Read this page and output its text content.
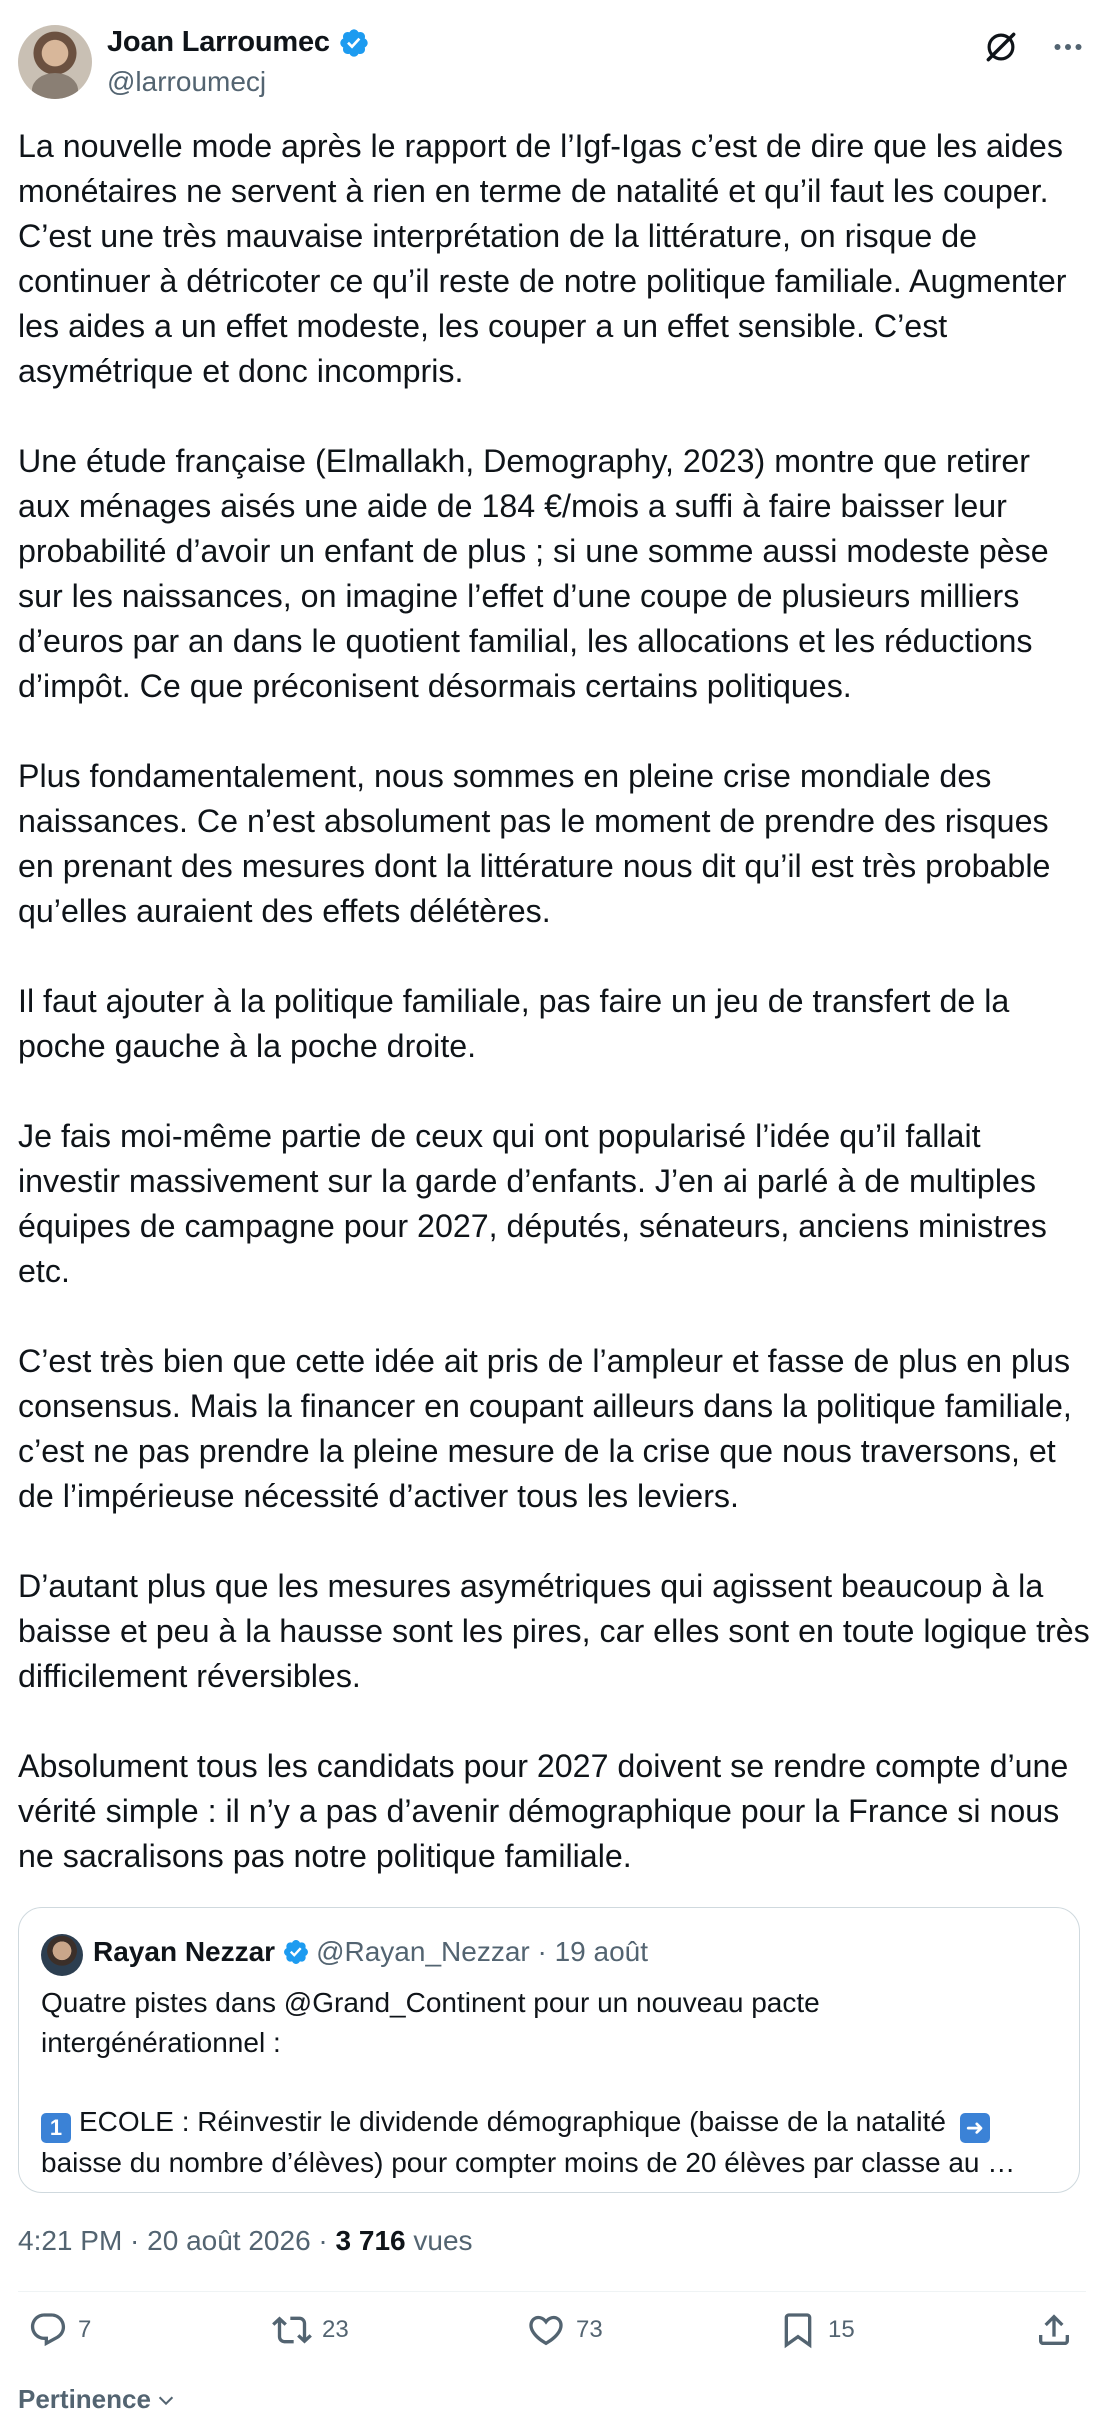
Joan Larroumec
@larroumecj
La nouvelle mode après le rapport de l’Igf-Igas c’est de dire que les aides monétaires ne servent à rien en terme de natalité et qu’il faut les couper. C’est une très mauvaise interprétation de la littérature, on risque de continuer à détricoter ce qu’il reste de notre politique familiale. Augmenter les aides a un effet modeste, les couper a un effet sensible. C’est asymétrique et donc incompris.

Une étude française (Elmallakh, Demography, 2023) montre que retirer aux ménages aisés une aide de 184 €/mois a suffi à faire baisser leur probabilité d’avoir un enfant de plus ; si une somme aussi modeste pèse sur les naissances, on imagine l’effet d’une coupe de plusieurs milliers d’euros par an dans le quotient familial, les allocations et les réductions d’impôt. Ce que préconisent désormais certains politiques.

Plus fondamentalement, nous sommes en pleine crise mondiale des naissances. Ce n’est absolument pas le moment de prendre des risques en prenant des mesures dont la littérature nous dit qu’il est très probable qu’elles auraient des effets délétères.

Il faut ajouter à la politique familiale, pas faire un jeu de transfert de la poche gauche à la poche droite.

Je fais moi-même partie de ceux qui ont popularisé l’idée qu’il fallait investir massivement sur la garde d’enfants. J’en ai parlé à de multiples équipes de campagne pour 2027, députés, sénateurs, anciens ministres etc.

C’est très bien que cette idée ait pris de l’ampleur et fasse de plus en plus consensus. Mais la financer en coupant ailleurs dans la politique familiale, c’est ne pas prendre la pleine mesure de la crise que nous traversons, et de l’impérieuse nécessité d’activer tous les leviers.

D’autant plus que les mesures asymétriques qui agissent beaucoup à la baisse et peu à la hausse sont les pires, car elles sont en toute logique très difficilement réversibles.

Absolument tous les candidats pour 2027 doivent se rendre compte d’une vérité simple : il n’y a pas d’avenir démographique pour la France si nous ne sacralisons pas notre politique familiale.
Rayan Nezzar @Rayan_Nezzar · 19 août
Quatre pistes dans @Grand_Continent pour un nouveau pacte intergénérationnel :

1 ECOLE : Réinvestir le dividende démographique (baisse de la natalité ➜
baisse du nombre d’élèves) pour compter moins de 20 élèves par classe au …
4:21 PM · 20 août 2026 · 3 716 vues
7	23	73	15
Pertinence
